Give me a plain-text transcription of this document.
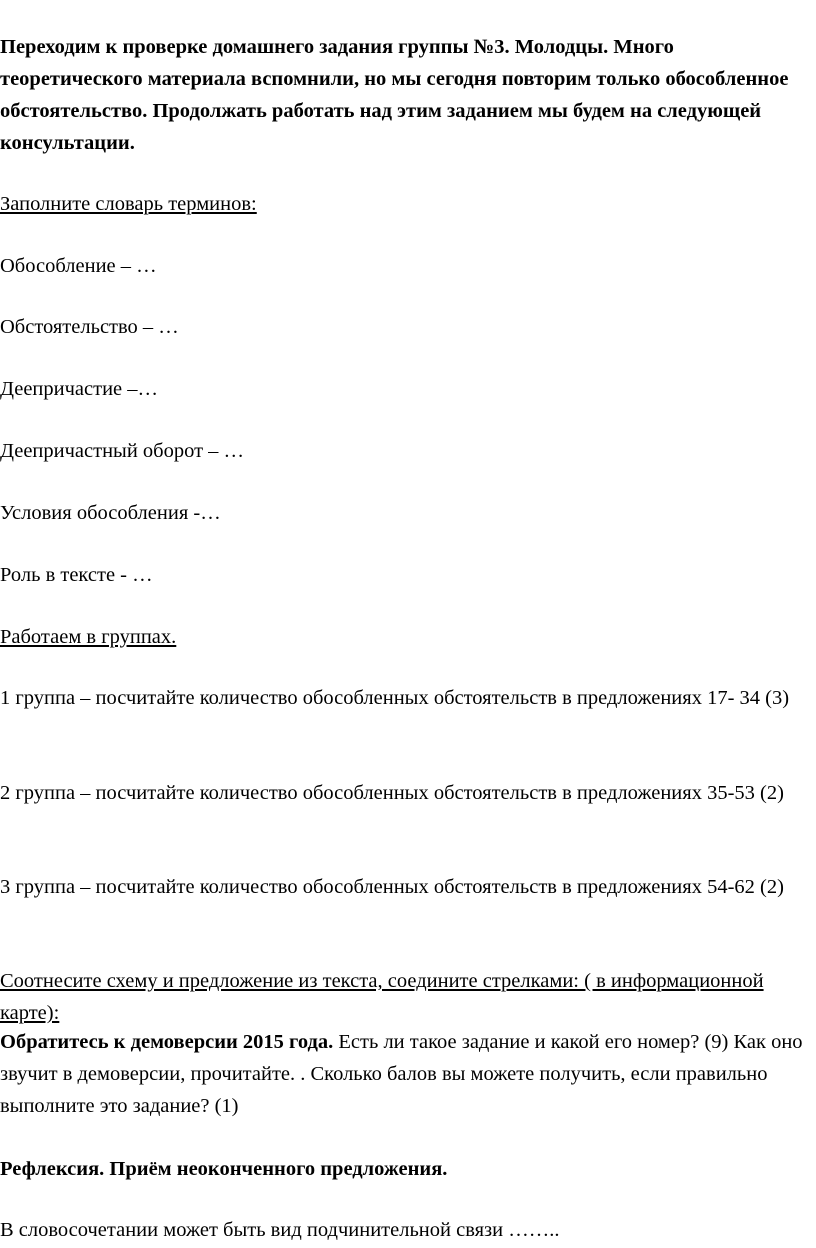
Переходим к проверке домашнего задания группы №3. Молодцы. Много теоретического материала вспомнили, но мы сегодня повторим только обособленное обстоятельство. Продолжать работать над этим заданием мы будем на следующей консультации.

Заполните словарь терминов:

Обособление – …

Обстоятельство – …

Деепричастие –…

Деепричастный оборот – …

Условия обособления -…

Роль в тексте - …

Работаем в группах.

1 группа – посчитайте количество обособленных обстоятельств в предложениях 17- 34 (3)

2 группа – посчитайте количество обособленных обстоятельств в предложениях 35-53 (2)

3 группа – посчитайте количество обособленных обстоятельств в предложениях 54-62 (2)

Соотнесите схему и предложение из текста, соедините стрелками: ( в информационной карте):

Обратитесь к демоверсии 2015 года. Есть ли такое задание и какой его номер? (9) Как оно звучит в демоверсии, прочитайте. . Сколько балов вы можете получить, если правильно выполните это задание? (1)

Рефлексия. Приём неоконченного предложения.

В словосочетании может быть вид подчинительной связи ……..
